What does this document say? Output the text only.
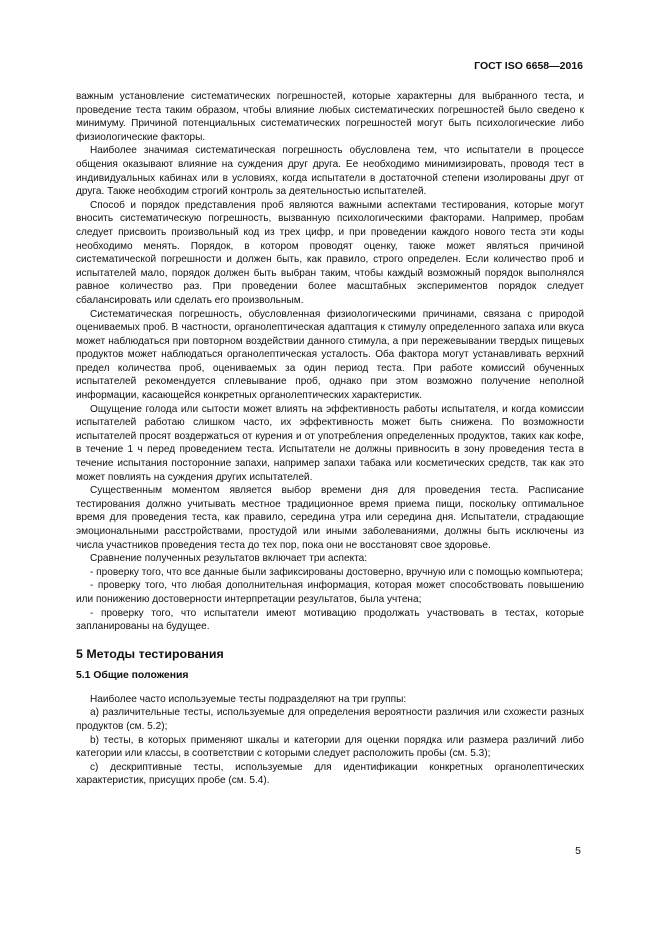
ГОСТ ISO 6658—2016

важным установление систематических погрешностей, которые характерны для выбранного теста, и проведение теста таким образом, чтобы влияние любых систематических погрешностей было сведено к минимуму. Причиной потенциальных систематических погрешностей могут быть психологические либо физиологические факторы.

Наиболее значимая систематическая погрешность обусловлена тем, что испытатели в процессе общения оказывают влияние на суждения друг друга. Ее необходимо минимизировать, проводя тест в индивидуальных кабинах или в условиях, когда испытатели в достаточной степени изолированы друг от друга. Также необходим строгий контроль за деятельностью испытателей.

Способ и порядок представления проб являются важными аспектами тестирования, которые могут вносить систематическую погрешность, вызванную психологическими факторами. Например, пробам следует присвоить произвольный код из трех цифр, и при проведении каждого нового теста эти коды необходимо менять. Порядок, в котором проводят оценку, также может являться причиной систематической погрешности и должен быть, как правило, строго определен. Если количество проб и испытателей мало, порядок должен быть выбран таким, чтобы каждый возможный порядок выполнялся равное количество раз. При проведении более масштабных экспериментов порядок следует сбалансировать или сделать его произвольным.

Систематическая погрешность, обусловленная физиологическими причинами, связана с природой оцениваемых проб. В частности, органолептическая адаптация к стимулу определенного запаха или вкуса может наблюдаться при повторном воздействии данного стимула, а при пережевывании твердых пищевых продуктов может наблюдаться органолептическая усталость. Оба фактора могут устанавливать верхний предел количества проб, оцениваемых за один период теста. При работе комиссий обученных испытателей рекомендуется сплевывание проб, однако при этом возможно получение неполной информации, касающейся конкретных органолептических характеристик.

Ощущение голода или сытости может влиять на эффективность работы испытателя, и когда комиссии испытателей работаю слишком часто, их эффективность может быть снижена. По возможности испытателей просят воздержаться от курения и от употребления определенных продуктов, таких как кофе, в течение 1 ч перед проведением теста. Испытатели не должны привносить в зону проведения теста в течение испытания посторонние запахи, например запахи табака или косметических средств, так как это может повлиять на суждения других испытателей.

Существенным моментом является выбор времени дня для проведения теста. Расписание тестирования должно учитывать местное традиционное время приема пищи, поскольку оптимальное время для проведения теста, как правило, середина утра или середина дня. Испытатели, страдающие эмоциональными расстройствами, простудой или иными заболеваниями, должны быть исключены из числа участников проведения теста до тех пор, пока они не восстановят свое здоровье.

Сравнение полученных результатов включает три аспекта:

- проверку того, что все данные были зафиксированы достоверно, вручную или с помощью компьютера;

- проверку того, что любая дополнительная информация, которая может способствовать повышению или понижению достоверности интерпретации результатов, была учтена;

- проверку того, что испытатели имеют мотивацию продолжать участвовать в тестах, которые запланированы на будущее.

5 Методы тестирования
5.1 Общие положения

Наиболее часто используемые тесты подразделяют на три группы:

a) различительные тесты, используемые для определения вероятности различия или схожести разных продуктов (см. 5.2);

b) тесты, в которых применяют шкалы и категории для оценки порядка или размера различий либо категории или классы, в соответствии с которыми следует расположить пробы (см. 5.3);

c) дескриптивные тесты, используемые для идентификации конкретных органолептических характеристик, присущих пробе (см. 5.4).

5
